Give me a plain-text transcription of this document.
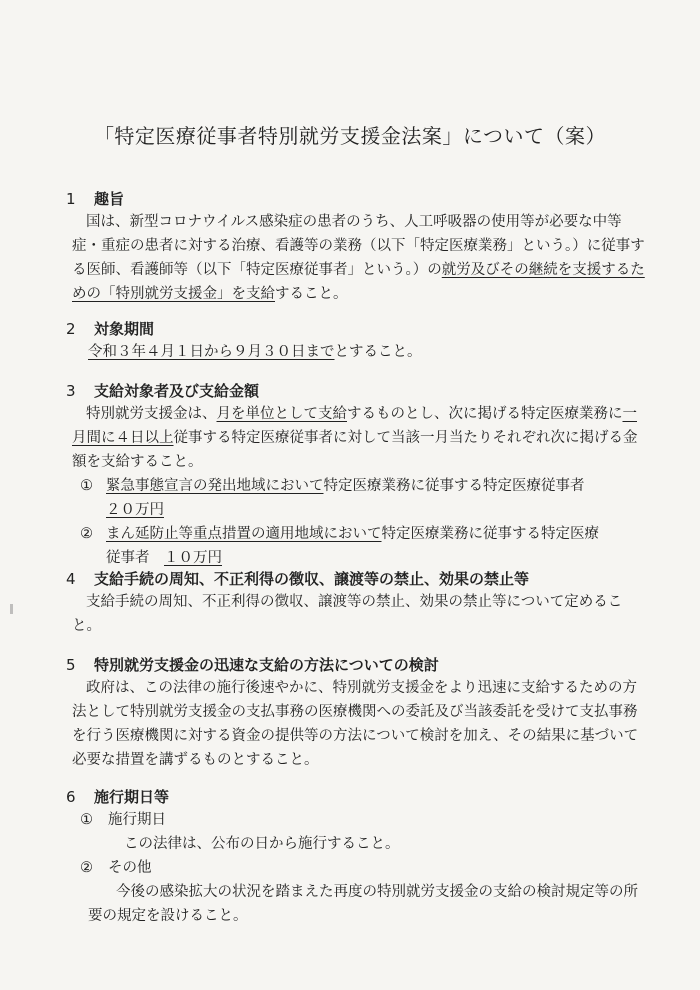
「特定医療従事者特別就労支援金法案」について（案）

1 趣旨

国は、新型コロナウイルス感染症の患者のうち、人工呼吸器の使用等が必要な中等症・重症の患者に対する治療、看護等の業務（以下「特定医療業務」という。）に従事する医師、看護師等（以下「特定医療従事者」という。）の就労及びその継続を支援するための「特別就労支援金」を支給すること。

2 対象期間

令和３年４月１日から９月３０日までとすること。

3 支給対象者及び支給金額

特別就労支援金は、月を単位として支給するものとし、次に掲げる特定医療業務に一月間に４日以上従事する特定医療従事者に対して当該一月当たりそれぞれ次に掲げる金額を支給すること。

① 緊急事態宣言の発出地域において特定医療業務に従事する特定医療従事者

２０万円

② まん延防止等重点措置の適用地域において特定医療業務に従事する特定医療

従事者　 １０万円

4 支給手続の周知、不正利得の徴収、譲渡等の禁止、効果の禁止等

支給手続の周知、不正利得の徴収、譲渡等の禁止、効果の禁止等について定めること。

5 特別就労支援金の迅速な支給の方法についての検討

政府は、この法律の施行後速やかに、特別就労支援金をより迅速に支給するための方法として特別就労支援金の支払事務の医療機関への委託及び当該委託を受けて支払事務を行う医療機関に対する資金の提供等の方法について検討を加え、その結果に基づいて必要な措置を講ずるものとすること。

6 施行期日等

① 施行期日

この法律は、公布の日から施行すること。

② その他

今後の感染拡大の状況を踏まえた再度の特別就労支援金の支給の検討規定等の所要の規定を設けること。
